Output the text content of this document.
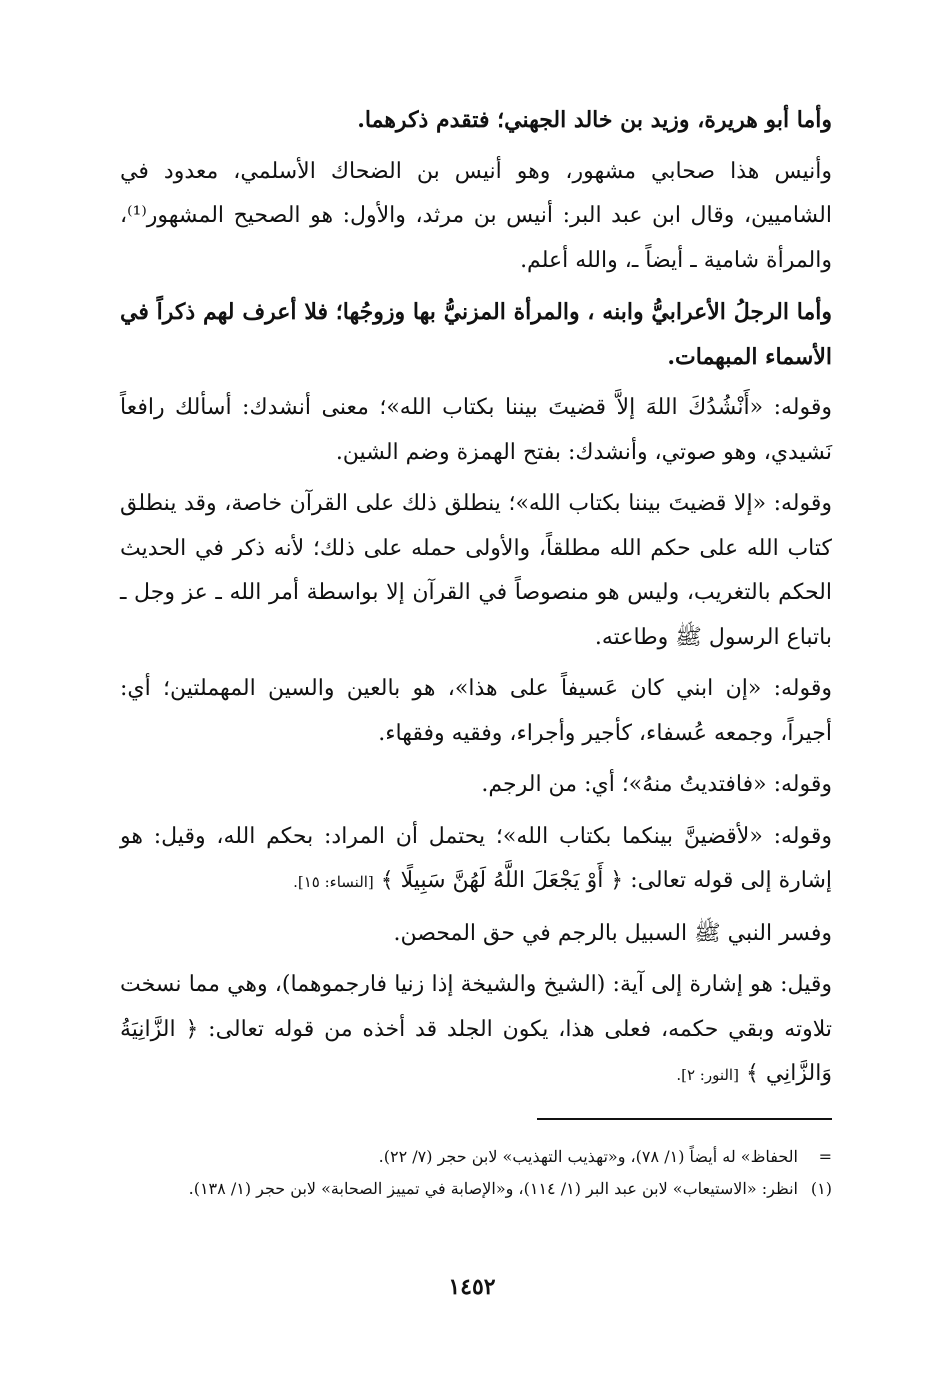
وأما أبو هريرة، وزيد بن خالد الجهني؛ فتقدم ذكرهما.

وأنيس هذا صحابي مشهور، وهو أنيس بن الضحاك الأسلمي، معدود في الشاميين، وقال ابن عبد البر: أنيس بن مرثد، والأول: هو الصحيح المشهور⁽¹⁾، والمرأة شامية ـ أيضاً ـ، والله أعلم.

وأما الرجلُ الأعرابيُّ وابنه ، والمرأة المزنيُّ بها وزوجُها؛ فلا أعرف لهم ذكراً في الأسماء المبهمات.

وقوله: «أَنْشُدُكَ اللهَ إلاَّ قضيتَ بيننا بكتاب الله»؛ معنى أنشدك: أسألك رافعاً نَشيدي، وهو صوتي، وأنشدك: بفتح الهمزة وضم الشين.

وقوله: «إلا قضيتَ بيننا بكتاب الله»؛ ينطلق ذلك على القرآن خاصة، وقد ينطلق كتاب الله على حكم الله مطلقاً، والأولى حمله على ذلك؛ لأنه ذكر في الحديث الحكم بالتغريب، وليس هو منصوصاً في القرآن إلا بواسطة أمر الله ـ عز وجل ـ باتباع الرسول ﷺ وطاعته.

وقوله: «إن ابني كان عَسيفاً على هذا»، هو بالعين والسين المهملتين؛ أي: أجيراً، وجمعه عُسفاء، كأجير وأجراء، وفقيه وفقهاء.

وقوله: «فافتديتُ منهُ»؛ أي: من الرجم.

وقوله: «لأقضينَّ بينكما بكتاب الله»؛ يحتمل أن المراد: بحكم الله، وقيل: هو إشارة إلى قوله تعالى: ﴿ أَوْ يَجْعَلَ اللَّهُ لَهُنَّ سَبِيلًا ﴾ [النساء: ١٥].

وفسر النبي ﷺ السبيل بالرجم في حق المحصن.

وقيل: هو إشارة إلى آية: (الشيخ والشيخة إذا زنيا فارجموهما)، وهي مما نسخت تلاوته وبقي حكمه، فعلى هذا، يكون الجلد قد أخذه من قوله تعالى: ﴿ الزَّانِيَةُ وَالزَّانِي ﴾ [النور: ٢].

=
الحفاظ» له أيضاً (١/ ٧٨)، و«تهذيب التهذيب» لابن حجر (٧/ ٢٢).
(١)
انظر: «الاستيعاب» لابن عبد البر (١/ ١١٤)، و«الإصابة في تمييز الصحابة» لابن حجر (١/ ١٣٨).
١٤٥٢
